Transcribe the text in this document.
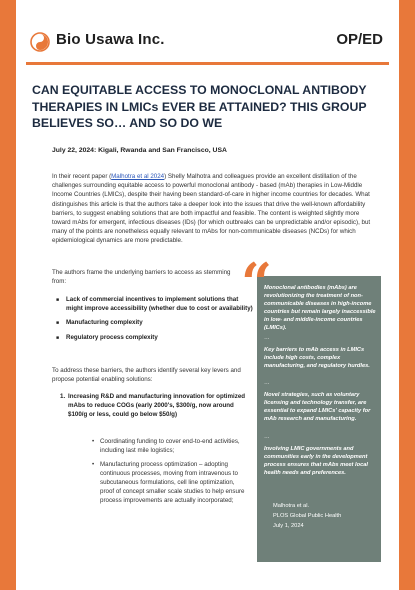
Bio Usawa Inc.	OP/ED
CAN EQUITABLE ACCESS TO MONOCLONAL ANTIBODY THERAPIES IN LMICs EVER BE ATTAINED? THIS GROUP BELIEVES SO… AND SO DO WE
July 22, 2024: Kigali, Rwanda and San Francisco, USA

In their recent paper (Malhotra et al 2024) Shelly Malhotra and colleagues provide an excellent distillation of the challenges surrounding equitable access to powerful monoclonal antibody - based (mAb) therapies in Low-Middle Income Countries (LMICs), despite their having been standard-of-care in higher income countries for decades. What distinguishes this article is that the authors take a deeper look into the issues that drive the well-known affordability barriers, to suggest enabling solutions that are both impactful and feasible. The content is weighted slightly more toward mAbs for emergent, infectious diseases (IDs) (for which outbreaks can be unpredictable and/or episodic), but many of the points are nonetheless equally relevant to mAbs for non-communicable diseases (NCDs) for which epidemiological dynamics are more predictable.

The authors frame the underlying barriers to access as stemming from:

■ Lack of commercial incentives to implement solutions that might improve accessibility (whether due to cost or availability)
■ Manufacturing complexity
■ Regulatory process complexity

To address these barriers, the authors identify several key levers and propose potential enabling solutions:

1. Increasing R&D and manufacturing innovation for optimized mAbs to reduce COGs (early 2000's, $300/g, now around $100/g or less, could go below $50/g)
• Coordinating funding to cover end-to-end activities, including last mile logistics;
• Manufacturing process optimization – adopting continuous processes, moving from intravenous to subcutaneous formulations, cell line optimization, proof of concept smaller scale studies to help ensure process improvements are actually incorporated;

Monoclonal antibodies (mAbs) are revolutionizing the treatment of non-communicable diseases in high-income countries but remain largely inaccessible in low- and middle-income countries (LMICs).

…

Key barriers to mAb access in LMICs include high costs, complex manufacturing, and regulatory hurdles.

…

Novel strategies, such as voluntary licensing and technology transfer, are essential to expand LMICs' capacity for mAb research and manufacturing.

…

Involving LMIC governments and communities early in the development process ensures that mAbs meet local health needs and preferences.

Malhotra et al.

PLOS Global Public Health

July 1, 2024

“
